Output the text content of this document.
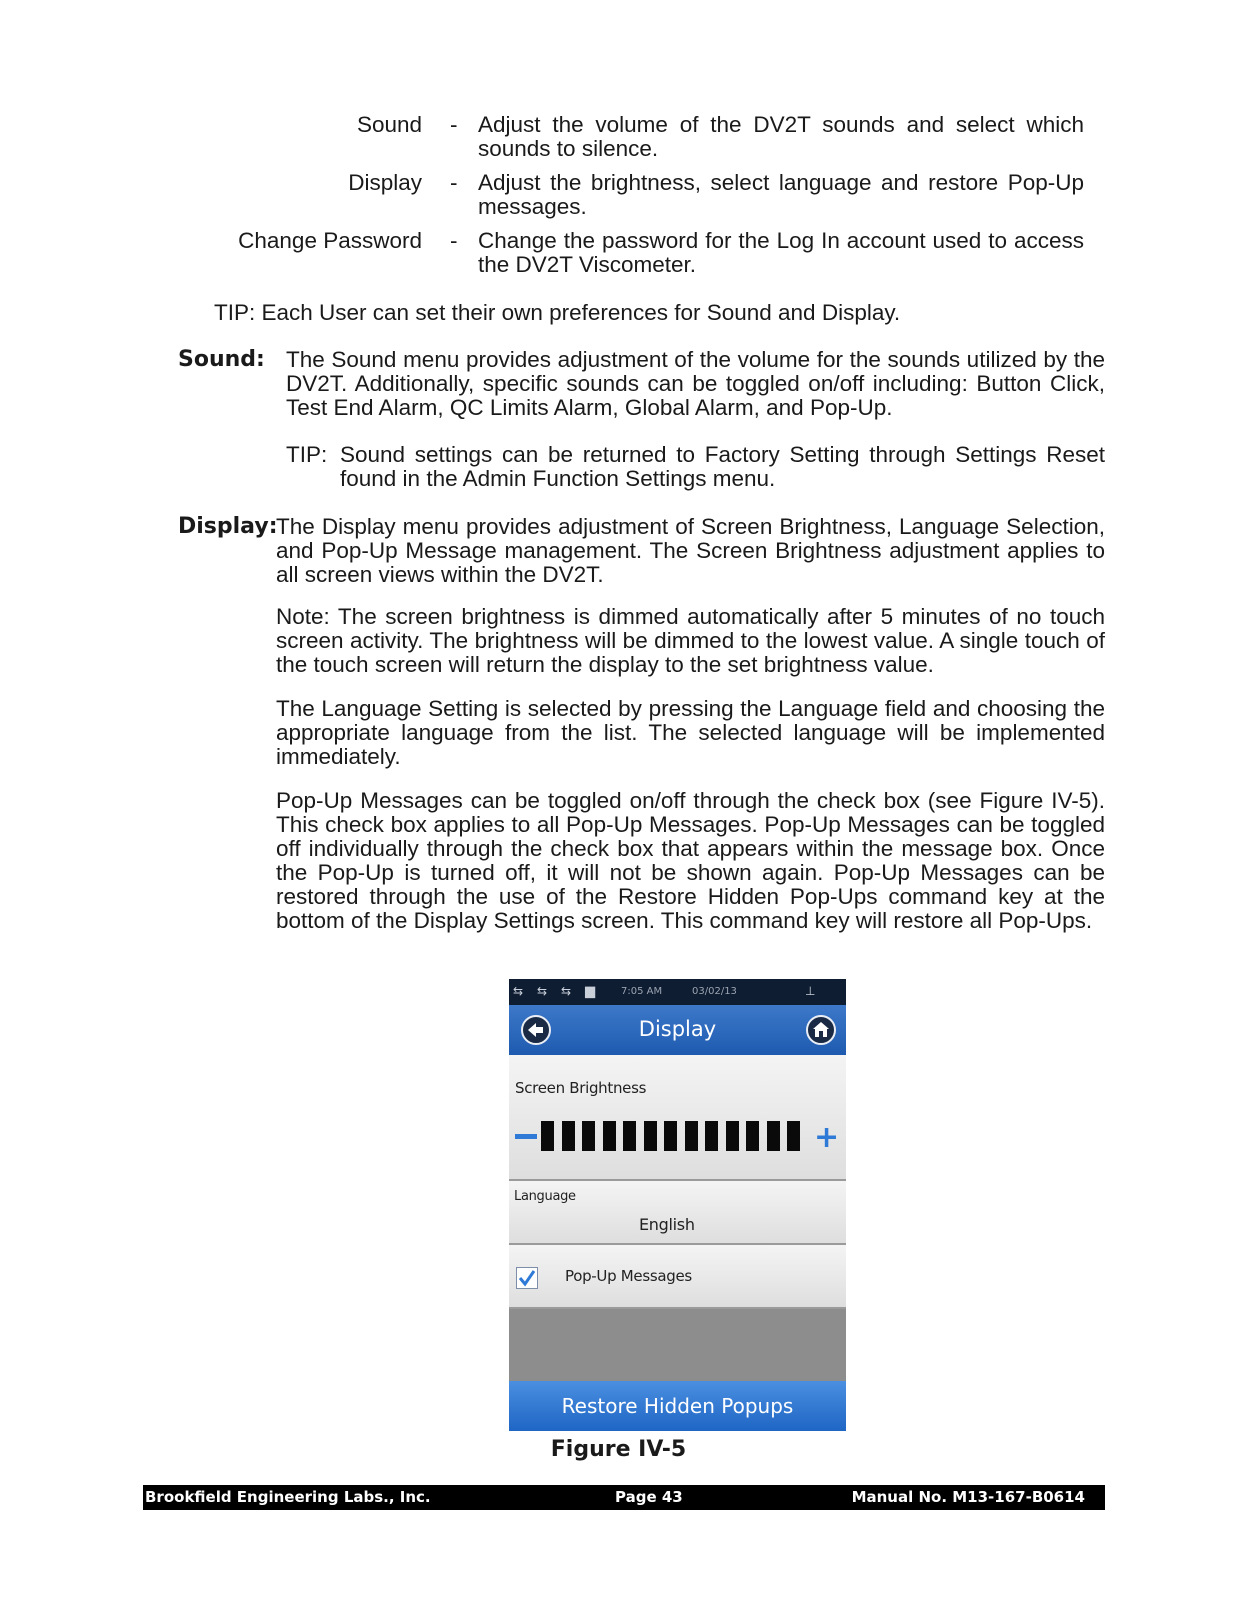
Sound - Adjust the volume of the DV2T sounds and select which sounds to silence.
Display - Adjust the brightness, select language and restore Pop-Up messages.
Change Password - Change the password for the Log In account used to access the DV2T Viscometer.
TIP: Each User can set their own preferences for Sound and Display.
Sound: The Sound menu provides adjustment of the volume for the sounds utilized by the DV2T. Additionally, specific sounds can be toggled on/off including: Button Click, Test End Alarm, QC Limits Alarm, Global Alarm, and Pop-Up.
TIP: Sound settings can be returned to Factory Setting through Settings Reset found in the Admin Function Settings menu.
Display:
The Display menu provides adjustment of Screen Brightness, Language Selection, and Pop-Up Message management. The Screen Brightness adjustment applies to all screen views within the DV2T.
Note: The screen brightness is dimmed automatically after 5 minutes of no touch screen activity. The brightness will be dimmed to the lowest value. A single touch of the touch screen will return the display to the set brightness value.
The Language Setting is selected by pressing the Language field and choosing the appropriate language from the list. The selected language will be implemented immediately.
Pop-Up Messages can be toggled on/off through the check box (see Figure IV-5). This check box applies to all Pop-Up Messages. Pop-Up Messages can be toggled off individually through the check box that appears within the message box. Once the Pop-Up is turned off, it will not be shown again. Pop-Up Messages can be restored through the use of the Restore Hidden Pop-Ups command key at the bottom of the Display Settings screen. This command key will restore all Pop-Ups.
⇆ ⇆ ⇆ ▆	7:05 AM	03/02/13	⊥
Display
Screen Brightness
+
Language
English
Pop-Up Messages
Restore Hidden Popups
Figure IV-5
Brookfield Engineering Labs., Inc.	Page 43	Manual No. M13-167-B0614
